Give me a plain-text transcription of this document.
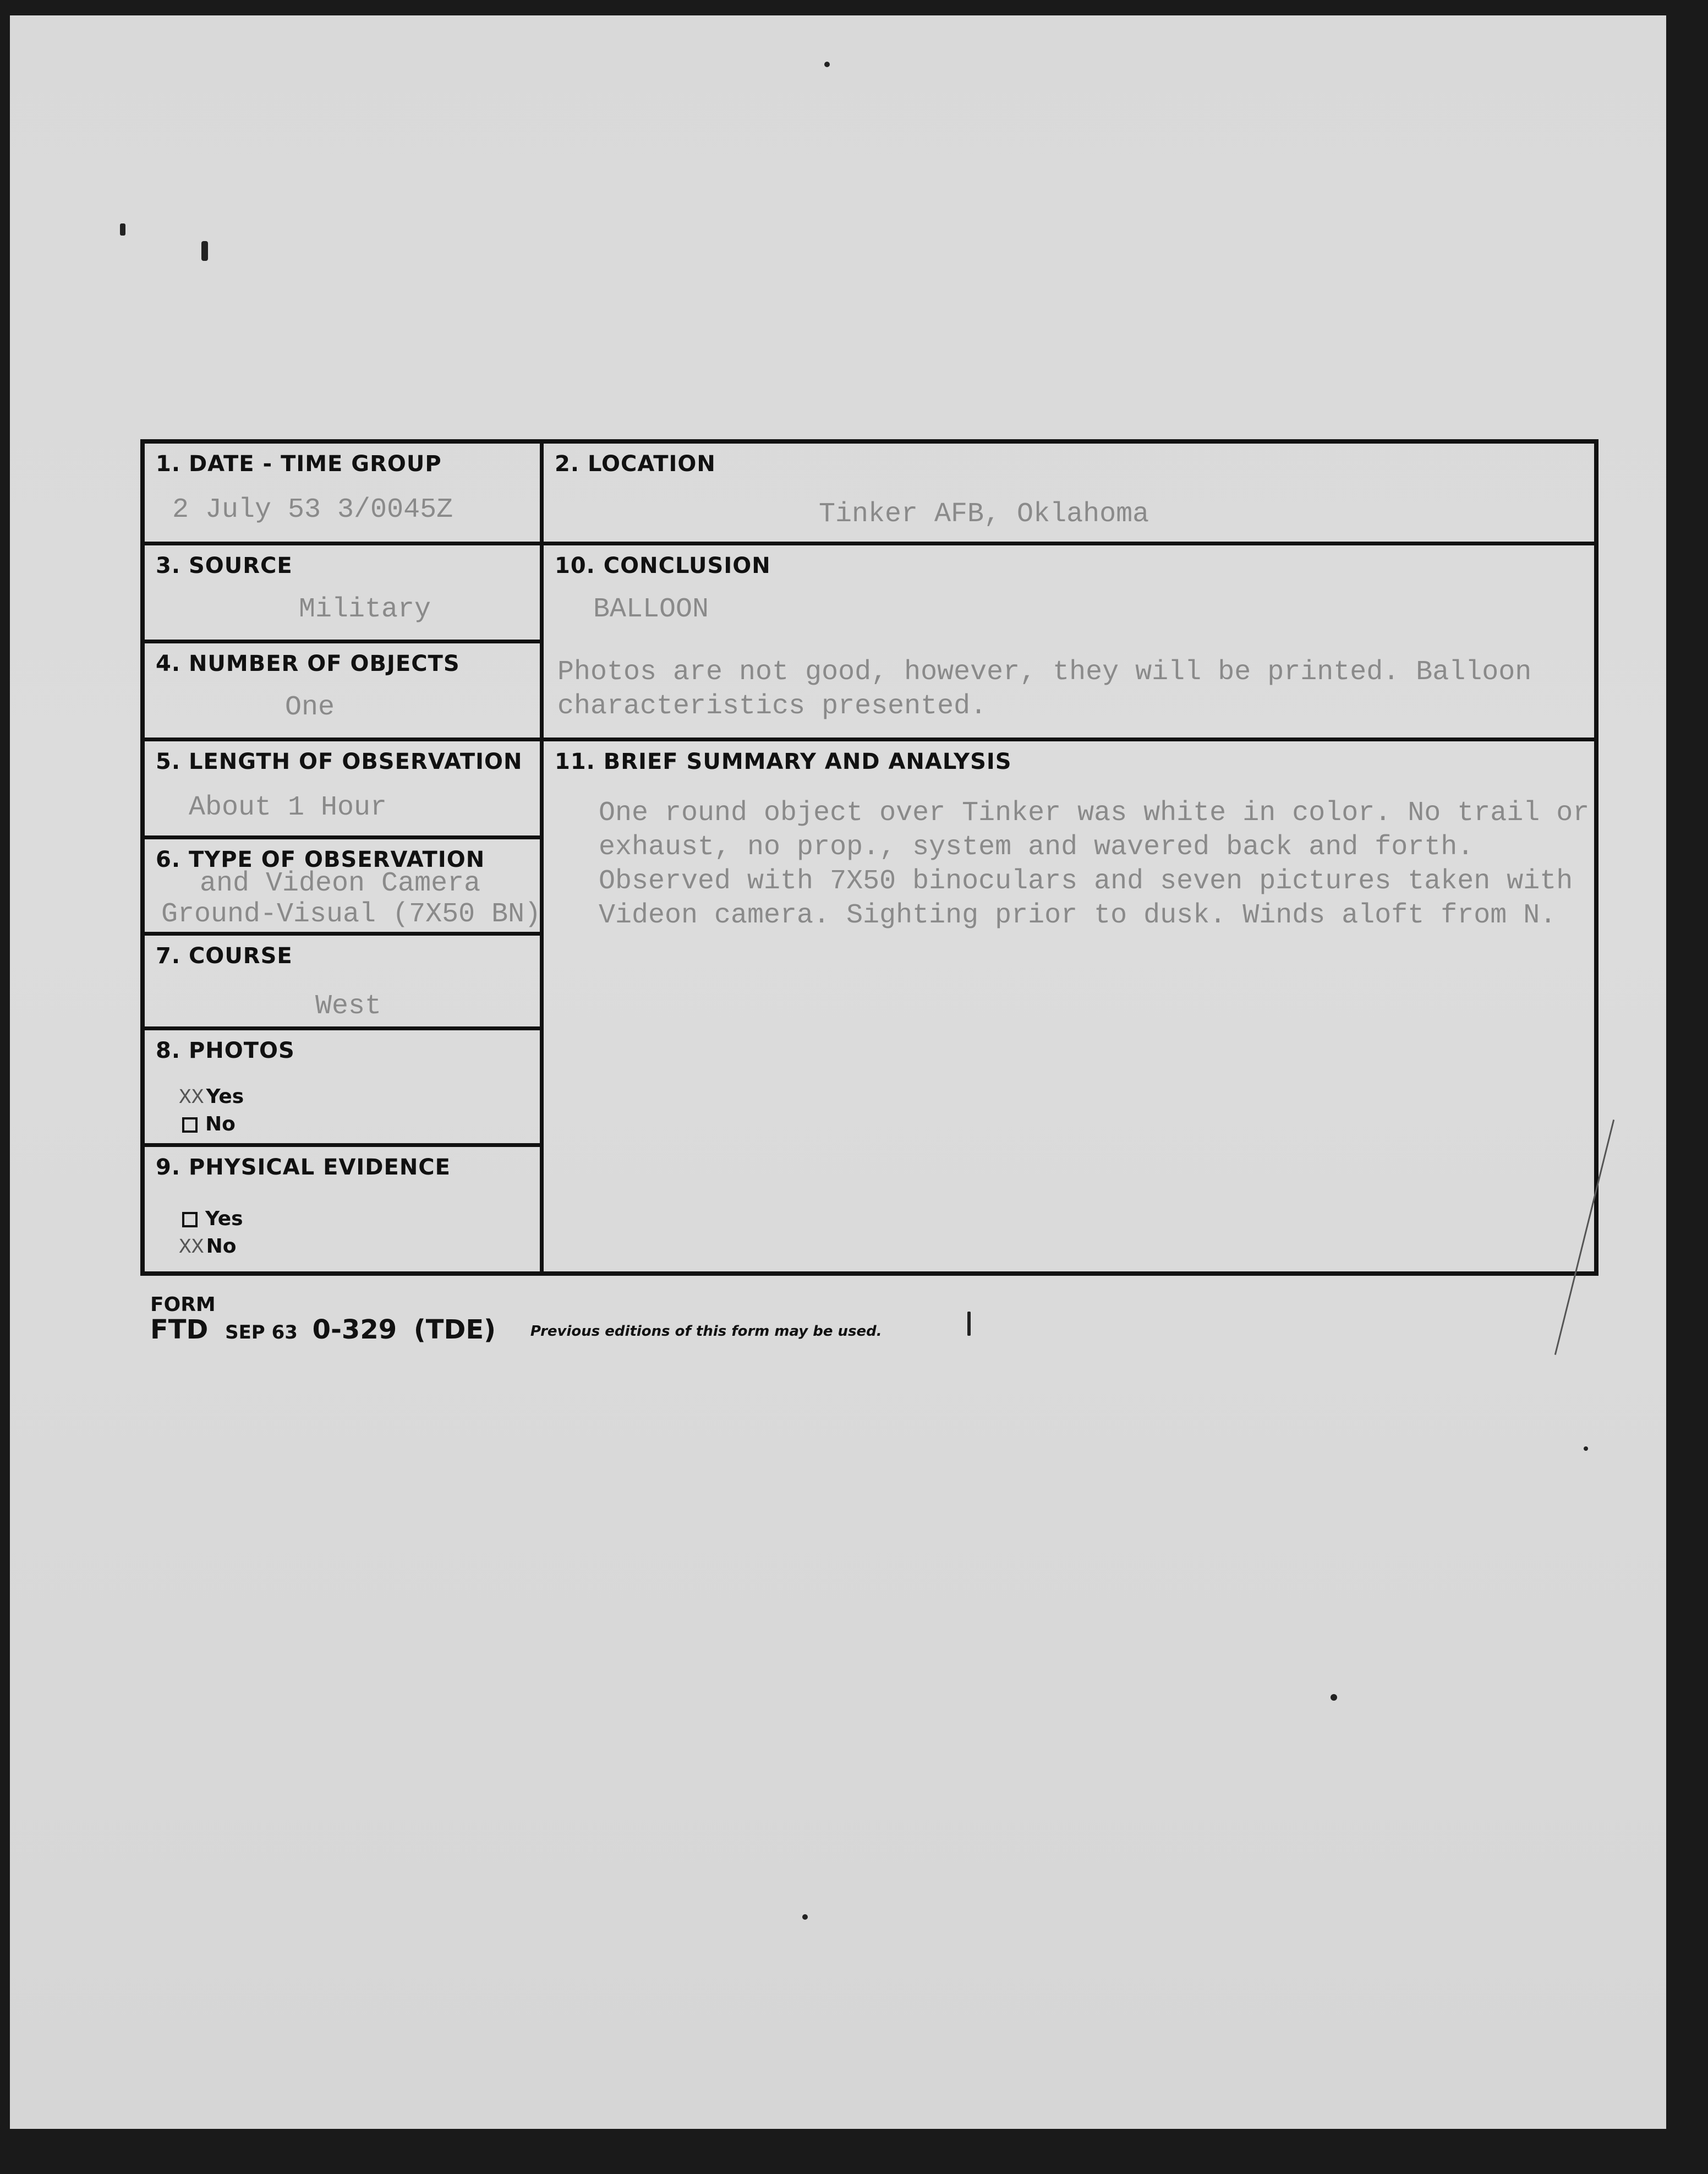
1. DATE - TIME GROUP
2 July 53 3/0045Z
3. SOURCE
Military
4. NUMBER OF OBJECTS
One
5. LENGTH OF OBSERVATION
About 1 Hour
6. TYPE OF OBSERVATION
and Videon Camera
Ground-Visual (7X50 BN)
7. COURSE
West
8. PHOTOS
XX Yes
No
9. PHYSICAL EVIDENCE
Yes
XX No
2. LOCATION
Tinker AFB, Oklahoma
10. CONCLUSION
BALLOON
Photos are not good, however, they will be printed. Balloon
characteristics presented.
11. BRIEF SUMMARY AND ANALYSIS
One round object over Tinker was white in color. No trail or
exhaust, no prop., system and wavered back and forth.
Observed with 7X50 binoculars and seven pictures taken with
Videon camera. Sighting prior to dusk. Winds aloft from N.
FORM
FTD SEP 63 0-329 (TDE) Previous editions of this form may be used.
